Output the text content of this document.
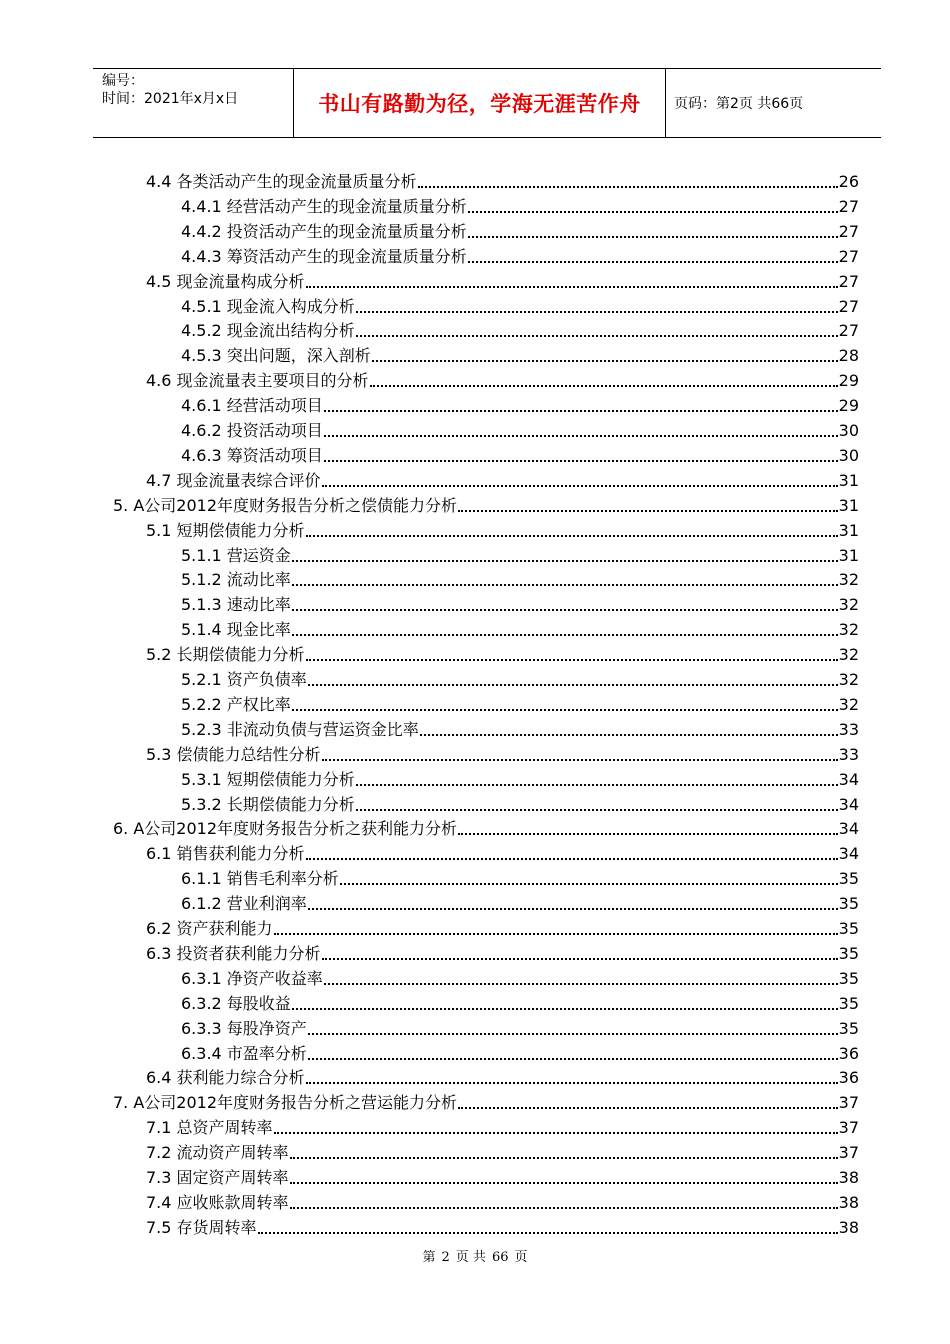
编号：
时间：2021年x月x日	书山有路勤为径，学海无涯苦作舟	页码：第2页 共66页
4.4 各类活动产生的现金流量质量分析	26
4.4.1 经营活动产生的现金流量质量分析	27
4.4.2 投资活动产生的现金流量质量分析	27
4.4.3 筹资活动产生的现金流量质量分析	27
4.5 现金流量构成分析	27
4.5.1 现金流入构成分析	27
4.5.2 现金流出结构分析	27
4.5.3 突出问题，深入剖析	28
4.6 现金流量表主要项目的分析	29
4.6.1 经营活动项目	29
4.6.2 投资活动项目	30
4.6.3 筹资活动项目	30
4.7 现金流量表综合评价	31
5. A公司2012年度财务报告分析之偿债能力分析	31
5.1 短期偿债能力分析	31
5.1.1 营运资金	31
5.1.2 流动比率	32
5.1.3 速动比率	32
5.1.4 现金比率	32
5.2 长期偿债能力分析	32
5.2.1 资产负债率	32
5.2.2 产权比率	32
5.2.3 非流动负债与营运资金比率	33
5.3 偿债能力总结性分析	33
5.3.1 短期偿债能力分析	34
5.3.2 长期偿债能力分析	34
6. A公司2012年度财务报告分析之获利能力分析	34
6.1 销售获利能力分析	34
6.1.1 销售毛利率分析	35
6.1.2 营业利润率	35
6.2 资产获利能力	35
6.3 投资者获利能力分析	35
6.3.1 净资产收益率	35
6.3.2 每股收益	35
6.3.3 每股净资产	35
6.3.4 市盈率分析	36
6.4 获利能力综合分析	36
7. A公司2012年度财务报告分析之营运能力分析	37
7.1 总资产周转率	37
7.2 流动资产周转率	37
7.3 固定资产周转率	38
7.4 应收账款周转率	38
7.5 存货周转率	38
第 2 页 共 66 页
